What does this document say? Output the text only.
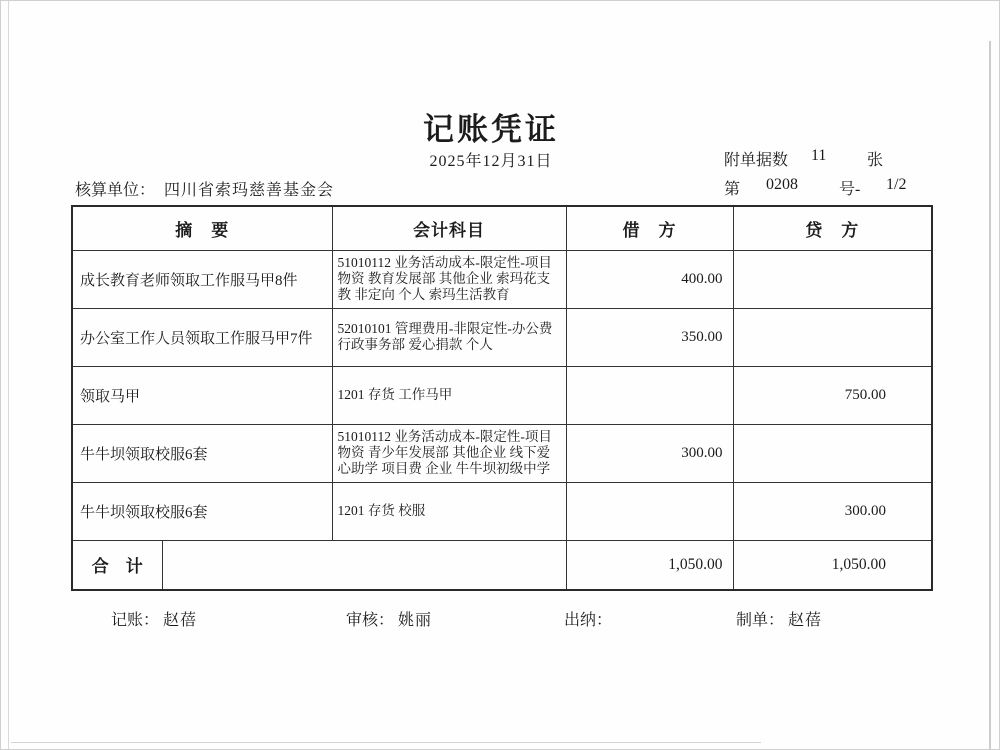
记账凭证
2025年12月31日	附单据数 11	张
第 0208	号- 1/2
核算单位： 四川省索玛慈善基金会
摘　要		会计科目	借　方	贷　方
成长教育老师领取工作服马甲8件		51010112 业务活动成本-限定性-项目物资 教育发展部 其他企业 索玛花支教 非定向 个人 索玛生活教育	400.00	
办公室工作人员领取工作服马甲7件		52010101 管理费用-非限定性-办公费 行政事务部 爱心捐款 个人	350.00	
领取马甲		1201 存货 工作马甲		750.00
牛牛坝领取校服6套		51010112 业务活动成本-限定性-项目物资 青少年发展部 其他企业 线下爱心助学 项目费 企业 牛牛坝初级中学	300.00	
牛牛坝领取校服6套		1201 存货 校服		300.00
合　计			1,050.00	1,050.00
记账： 赵蓓	审核： 姚丽	出纳：	制单： 赵蓓
